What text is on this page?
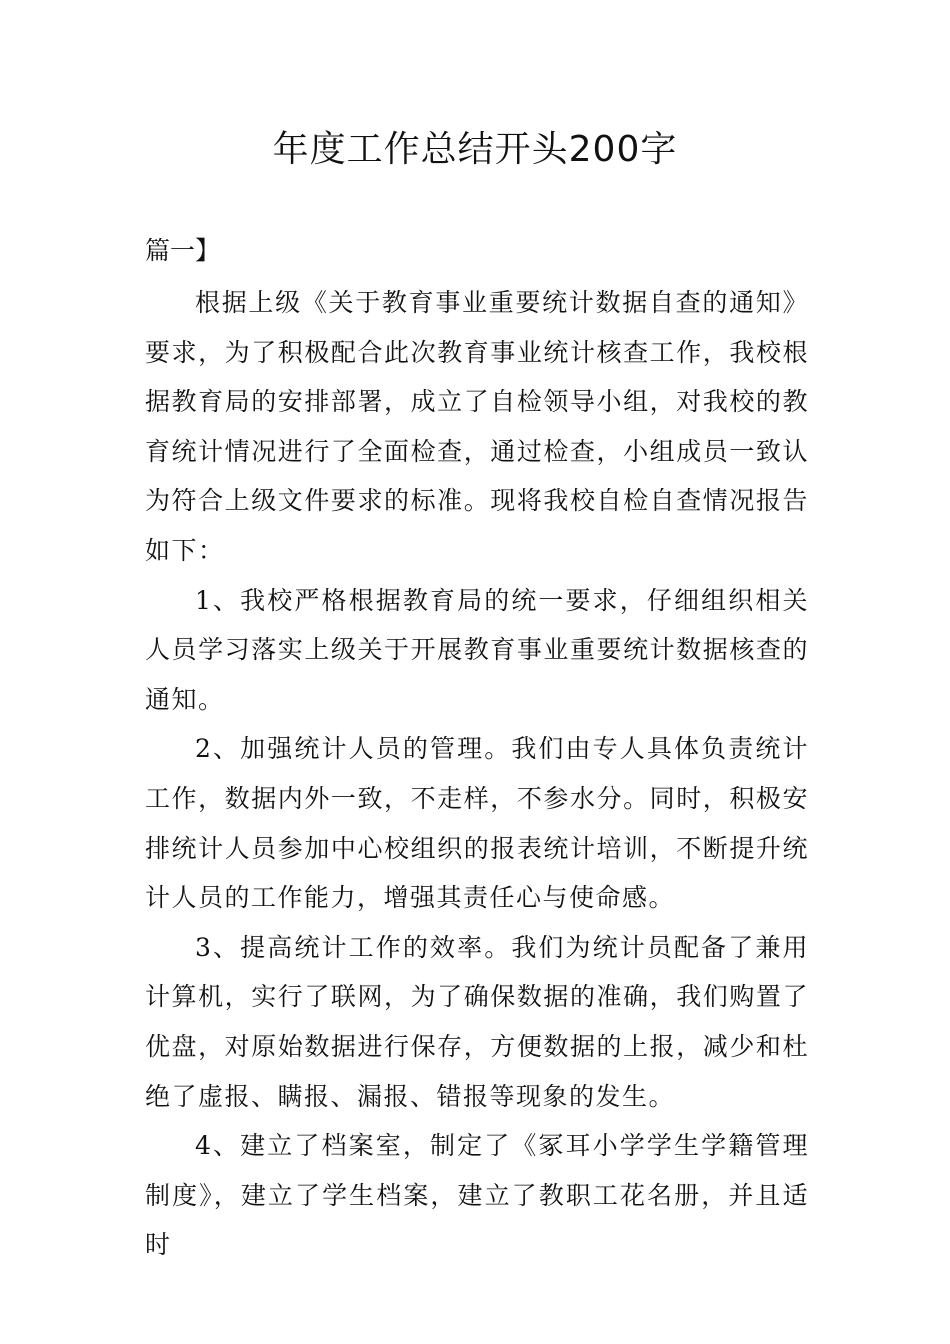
年度工作总结开头200字
篇一】

根据上级《关于教育事业重要统计数据自查的通知》要求，为了积极配合此次教育事业统计核查工作，我校根据教育局的安排部署，成立了自检领导小组，对我校的教育统计情况进行了全面检查，通过检查，小组成员一致认为符合上级文件要求的标准。现将我校自检自查情况报告如下：

1、我校严格根据教育局的统一要求，仔细组织相关人员学习落实上级关于开展教育事业重要统计数据核查的通知。

2、加强统计人员的管理。我们由专人具体负责统计工作，数据内外一致，不走样，不参水分。同时，积极安排统计人员参加中心校组织的报表统计培训，不断提升统计人员的工作能力，增强其责任心与使命感。

3、提高统计工作的效率。我们为统计员配备了兼用计算机，实行了联网，为了确保数据的准确，我们购置了优盘，对原始数据进行保存，方便数据的上报，减少和杜绝了虚报、瞒报、漏报、错报等现象的发生。

4、建立了档案室，制定了《冢耳小学学生学籍管理制度》，建立了学生档案，建立了教职工花名册，并且适时
